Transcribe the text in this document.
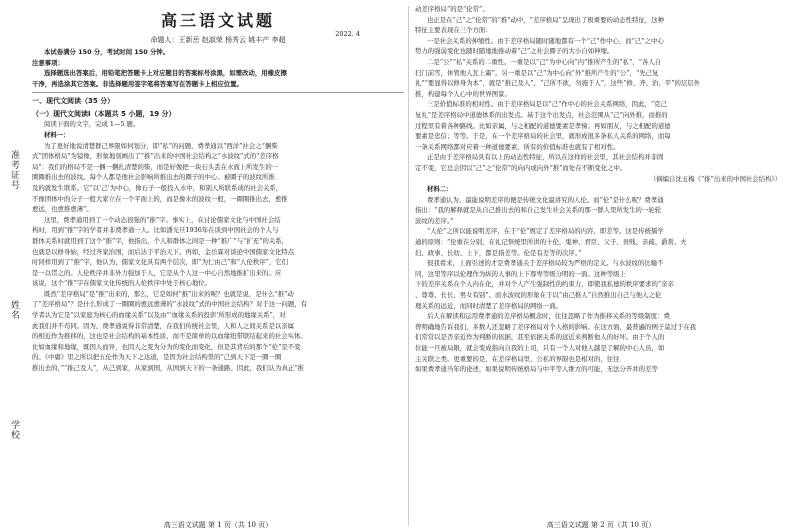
准考证号
姓名
学校
高三语文试题
2022. 4
命题人：王新岳 赵淑荣 杨秀云 姚丰产 李超
本试卷满分 150 分，考试时间 150 分钟。
注意事项：
选择题选出答案后，用铅笔把答题卡上对应题目的答案标号涂黑，如需改动，用橡皮擦
干净，再选涂其它答案。非选择题用签字笔将答案写在答题卡上相应位置。
一、现代文阅读（35 分）
（一）现代文阅读Ⅰ（本题共 5 小题，19 分）
阅读下面的文字，完成 1—5 题。
材料一：
为了更好地说清楚群己界限如何划分，即“私”的问题，费孝通以“西洋”社会之“捆柴
式”团体格局”为镜像，形象地刻画出了“推”出来的中国社会结构之“水波纹”式的“差序格
局”：我们的格局不是一捆一捆扎清楚的柴，而是好像把一块石头丢在水面上所发生的一
圈圈推出去的波纹。每个人都是他社会影响所推出去的圈子的中心。被圈子的波纹所推
及的就发生联系。它“以‘己’为中心，像石子一般投入水中，和别人所联系成的社会关系，
不像团体中的分子一般大家立在一个平面上的，而是像水的波纹一般，一圈圈推出去，愈推
愈远，也愈推愈薄”。
这里，费孝通用到了一个动态很强的“推”字。事实上，在讨论儒家文化与中国社会结
构时，用到“推”字的学者并非费孝通一人。比如潘光旦1936年在谈到中国社会的个人与
群体关系时就用到了这个“推”字，他指出，个人和群体之间是一种“推广”与“扩充”的关系，
也就是以修身始，经过齐家治国，而后达于平治天下。再如，金岳霖对谈论中国儒家文化特点
时同样用到了“推”字，他认为，儒家文化具有两个层次，即“为仁由己”和“人伦秩序”，它们
是一以贯之的。人伦秩序并非外力强加于人，它是从个人这一中心自然地推扩出来的。应
该说，这个“推”字在儒家文化传统的人伦秩序中处于核心地位。
既然“差序格局”是“推”出来的，那么，它是如何“推”出来的呢？也就是说，是什么“推”动
了“差序格局”？是什么形成了一圈圈的愈远愈薄的“水波纹”式的中国社会结构？对于这一问题，有
学者认为它是“以家庭为核心的血缘关系”以及由“‘血缘关系的投影’所形成的地缘关系”，对
此我们并不苟同。因为，费孝通说得非常清楚，在我们传统社会里，人和人之间关系是以亲属
的相近作为推移的，这也是社会结构的基本性质，而不是简单的以血缘纽带联结起来的社会实体。
比如血缘和地缘，既因人而异，也因人之变为分为的变化而变化，但是其背后的那个“伦”是不变
的。《中庸》里之所以把五伦作为天下之达道，是因为社会结构里的“己到天下是一圈一圈
推出去的，”“推己及人”，从己到家，从家到国，从国到天下的一条通路。因此，我们认为真正“推
高三语文试题 第 1 页（共 10 页）
动差序格局”的是“伦常”。
也正是在“己”之“伦常”的“推”动中，“差序格局”呈现出了极重要的动态性特征，这种
特征主要表现在三个方面：
一是社会关系的伸缩性。由于差序格局随时随地都有一个“己”作中心，而“己”之中心
势力的强弱变化也随时随地地推动着“己”之社会圈子的大小自如伸缩。
二是“公”“私”关系的二重性。一重是以“己”为中心向“内”推所产生的“私”，“各人自
扫门前雪，休管他人瓦上霜”。另一重是以“己”为中心向“外”推所产生的“公”，“先己复
礼”“要显得以修身为本”，就是“推己及人”，“己所不欲，勿施于人”，这些“修、齐、治、平”的层层外
推，构建每个人心中的世界图景。
三是价值标准的相对性。由于差序格局是以“己”作中心的社会关系网络，因此，“克己
复礼”是差序格局中道德体系的出发点。基于这个出发点，社会范围从“己”向外推，而推的
过程里有着各种路线。比如亲属，与之相配的道德要素是孝悌；再如朋友，与之相配的道德
要素是忠信；等等。于是，在一个差序格局的社会里，就形成很多条私人关系的网络，而每
一条关系网络都对应着一种道德要素，所有的价值标准也就有了相对性。
正是由于差序格局具有以上的动态性特征，所以在这样的社会里，其社会结构并非固
定不变，它总会因以“己”之“伦常”的向内或向外“推”而处在不断变化之中。
（摘编自沈玉梅《“推”出来的中国社会结构》）
材料二：
费孝通认为，最能说明差序的便是传统文化最讲究的人伦。而“伦”是什么呢？费孝通
指出：“我的解释就是从自己推出去的和自己发生社会关系的那一群人里所发生的一轮轮
波纹的差序。”
“人伦”之所以能说明差序，在于“伦”规定了差序格局的内容，即差等。这是传统儒学
通的原则：“伦重在分别，在礼记祭统里所讲的十伦，鬼神、君臣、父子、贵贱、亲疏、爵赏、夫
妇、政事、长幼、上下，都是指差等。伦是有差等的次序。”
很我看来，上面引述的才是费孝通关于差序格局较为严格的定义。与水波纹的比喻不
同，这里等序以伦理作为纵的人事的上下尊卑等级分明的一面。这种等级上
下的差序关系在个人内在化，并对个人产生强制性的约束力，即使我私德的秩序要求的“亲亲
、尊尊、长长、男女有别”。而水波纹的形象在于以“由己推人”自然推出自己与他人之伦
理关系的远近，而同时清楚了差序格局的网络一面。
后人在解读和运用费孝通的差序格局概念时，往往忽略了作为推移关系的等级制度：费
曾明确地告诉我们，多数人还忽略了差序格局对个人格的影响。在这方面，最普遍的例子莫过于在我
们常常以是否亲近作为判断的依据，甚至依据关系的远近来判断他人的好坏。由于个人的
位能一旦被局限，就会变成指向自我的上司，只有一个人对他人越是了解的中心人员，如
主关联之类。更重要的是，在差序格局里，公私的界限也是相对的，往往
如果费孝通当年的论述，如果说明传统格局与中平等人维方的可能，无法分开并的差等
高三语文试题 第 2 页（共 10 页）
